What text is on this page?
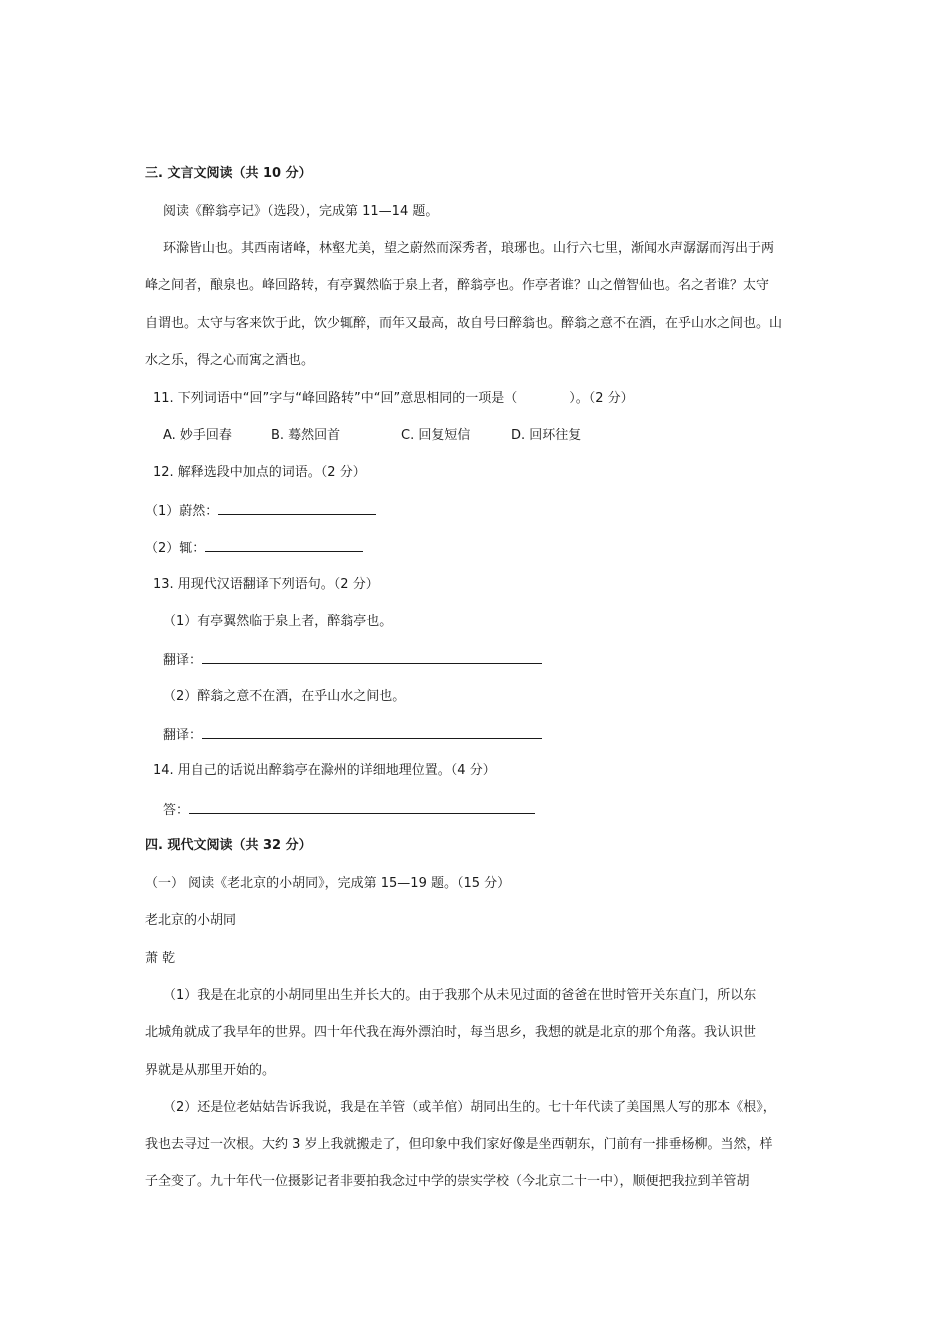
三. 文言文阅读（共 10 分）
阅读《醉翁亭记》（选段），完成第 11—14 题。
环滁皆山也。其西南诸峰，林壑尤美，望之蔚然而深秀者，琅琊也。山行六七里，渐闻水声潺潺而泻出于两
峰之间者，酿泉也。峰回路转，有亭翼然临于泉上者，醉翁亭也。作亭者谁？山之僧智仙也。名之者谁？太守
自谓也。太守与客来饮于此，饮少辄醉，而年又最高，故自号曰醉翁也。醉翁之意不在酒，在乎山水之间也。山
水之乐，得之心而寓之酒也。
11. 下列词语中“回”字与“峰回路转”中“回”意思相同的一项是（　　　　）。（2 分）
A. 妙手回春	B. 蓦然回首	C. 回复短信	D. 回环往复
12. 解释选段中加点的词语。（2 分）
（1）蔚然：
（2）辄：
13. 用现代汉语翻译下列语句。（2 分）
（1）有亭翼然临于泉上者，醉翁亭也。
翻译：
（2）醉翁之意不在酒，在乎山水之间也。
翻译：
14. 用自己的话说出醉翁亭在滁州的详细地理位置。（4 分）
答：
四. 现代文阅读（共 32 分）
（一） 阅读《老北京的小胡同》，完成第 15—19 题。（15 分）
老北京的小胡同
萧 乾
（1）我是在北京的小胡同里出生并长大的。由于我那个从未见过面的爸爸在世时管开关东直门，所以东
北城角就成了我早年的世界。四十年代我在海外漂泊时，每当思乡，我想的就是北京的那个角落。我认识世
界就是从那里开始的。
（2）还是位老姑姑告诉我说，我是在羊管（或羊倌）胡同出生的。七十年代读了美国黑人写的那本《根》，
我也去寻过一次根。大约 3 岁上我就搬走了，但印象中我们家好像是坐西朝东，门前有一排垂杨柳。当然，样
子全变了。九十年代一位摄影记者非要拍我念过中学的崇实学校（今北京二十一中），顺便把我拉到羊管胡
